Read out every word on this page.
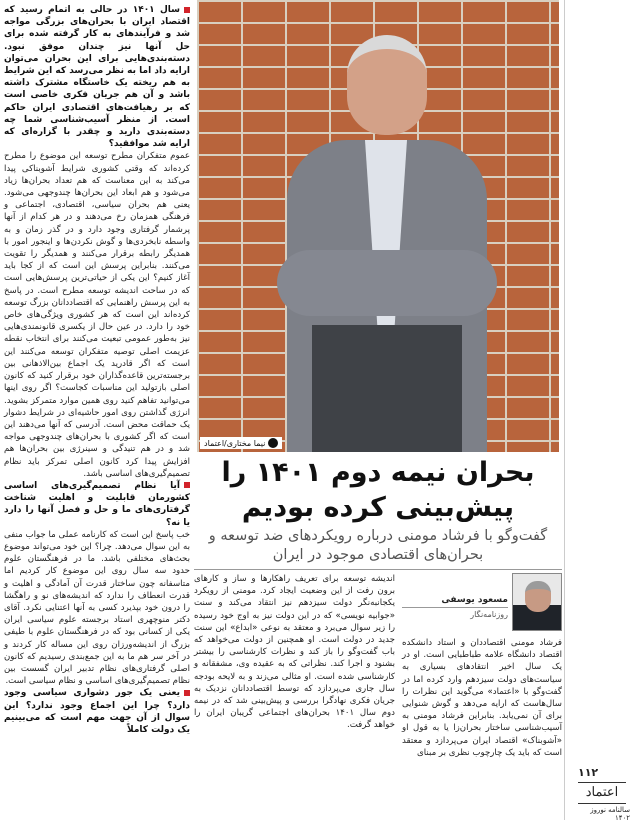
سال ۱۴۰۱ در حالی به اتمام رسید که اقتصاد ایران با بحران‌های بزرگی مواجه شد و فرآیندهای به کار گرفته شده برای حل آنها نیز چندان موفق نبود. دسته‌بندی‌هایی برای این بحران می‌توان ارایه داد اما به نظر می‌رسد که این شرایط به هم ریخته یک خاستگاه مشترک داشته باشد و آن هم جریان فکری خاصی است که بر رهیافت‌های اقتصادی ایران حاکم است. از منظر آسیب‌شناسی شما چه دسته‌بندی دارید و چقدر با گزاره‌ای که ارایه شد موافقید؟

عموم متفکران مطرح توسعه این موضوع را مطرح کرده‌اند که وقتی کشوری شرایط آشوبناکی پیدا می‌کند به این معناست که هم تعداد بحران‌ها زیاد می‌شود و هم ابعاد این بحران‌ها چندوجهی می‌شود. یعنی هم بحران سیاسی، اقتصادی، اجتماعی و فرهنگی همزمان رخ می‌دهند و در هر کدام از آنها پرشمار گرفتاری وجود دارد و در گذر زمان و به واسطه نابخردی‌ها و گوش نکردن‌ها و اینجور امور با همدیگر رابطه برقرار می‌کنند و همدیگر را تقویت می‌کنند. بنابراین پرسش این است که از کجا باید آغاز کنیم؟ این یکی از حیاتی‌ترین پرسش‌هایی است که در ساحت اندیشه توسعه مطرح است. در پاسخ به این پرسش راهنمایی که اقتصاددانان بزرگ توسعه کرده‌اند این است که هر کشوری ویژگی‌های خاص خود را دارد. در عین حال از یکسری قانونمندی‌هایی نیز به‌طور عمومی تبعیت می‌کنند برای انتخاب نقطه عزیمت اصلی توصیه متفکران توسعه می‌کنند این است که اگر قادرید یک اجماع بین‌الاذهانی بین برجسته‌ترین قاعده‌گذاران خود برقرار کنید که کانون اصلی بازتولید این مناسبات کجاست؟ اگر روی اینها می‌توانید تفاهم کنید روی همین موارد متمرکز بشوید. انرژی گذاشتن روی امور حاشیه‌ای در شرایط دشوار یک حماقت محض است. آدرسی که آنها می‌دهند این است که اگر کشوری با بحران‌های چندوجهی مواجه شد و در هم تنیدگی و سینرژی بین بحران‌ها هم افزایش پیدا کرد کانون اصلی تمرکز باید نظام تصمیم‌گیری‌های اساسی باشد.

آیا نظام تصمیم‌گیری‌های اساسی کشورمان قابلیت و اهلیت شناخت گرفتاری‌های ما و حل و فصل آنها را دارد یا نه؟

خب پاسخ این است که کارنامه عملی ما جواب منفی به این سوال می‌دهد. چرا؟ این خود می‌تواند موضوع بحث‌های مختلفی باشد. ما در فرهنگستان علوم حدود سه سال روی این موضوع کار کردیم اما متاسفانه چون ساختار قدرت آن آمادگی و اهلیت و قدرت انعطاف را ندارد که اندیشه‌های نو و راهگشا را درون خود بپذیرد کسی به آنها اعتنایی نکرد. آقای دکتر منوچهری استاد برجسته علوم سیاسی ایران یکی از کسانی بود که در فرهنگستان علوم با طیفی بزرگ از اندیشه‌ورزان روی این مساله کار کردند و در آخر سر هم ما به این جمع‌بندی رسیدیم که کانون اصلی گرفتاری‌های نظام تدبیر ایران گسست بین نظام تصمیم‌گیری‌های اساسی و نظام سیاسی است.

یعنی یک جور دشواری سیاسی وجود دارد؟ چرا این اجماع وجود ندارد؟ این سوال از آن جهت مهم است که می‌بینیم یک دولت کاملاً

نیما مختاری/اعتماد
بحران نیمه دوم ۱۴۰۱ را پیش‌بینی کرده بودیم
گفت‌وگو با فرشاد مومنی درباره رویکردهای ضد توسعه و بحران‌های اقتصادی موجود در ایران
مسعود یوسفی
روزنامه‌نگار
فرشاد مومنی اقتصاددان و استاد دانشکده اقتصاد دانشگاه علامه طباطبایی است. او در یک سال اخیر انتقادهای بسیاری به سیاست‌های دولت سیزدهم وارد کرده اما در گفت‌وگو با «اعتماد» می‌گوید این نظرات را سال‌هاست که ارایه می‌دهد و گوش شنوایی برای آن نمی‌یابد. بنابراین فرشاد مومنی به آسیب‌شناسی ساختار بحران‌زا یا به قول او «آشوبناک» اقتصاد ایران می‌پردازد و معتقد است که باید یک چارچوب نظری بر مبنای
اندیشه توسعه برای تعریف راهکارها و ساز و کارهای برون رفت از این وضعیت ایجاد کرد. مومنی از رویکرد یکجانبه‌نگر دولت سیزدهم نیز انتقاد می‌کند و سنت «جوابیه نویسی» که در این دولت نیز به اوج خود رسیده را زیر سوال می‌برد و معتقد به نوعی «ابداع» این سنت جدید در دولت است. او همچنین از دولت می‌خواهد که باب گفت‌وگو را باز کند و نظرات کارشناسی را بیشتر بشنود و اجرا کند. نظراتی که به عقیده وی، مشفقانه و کارشناسی شده است. او مثالی می‌زند و به لایحه بودجه سال جاری می‌پردازد که توسط اقتصاددانان نزدیک به جریان فکری نهادگرا بررسی و پیش‌بینی شد که در نیمه دوم سال ۱۴۰۱ بحران‌های اجتماعی گریبان ایران را خواهد گرفت.
۱۱۲
اعتماد
سالنامه نوروز ۱۴۰۲
